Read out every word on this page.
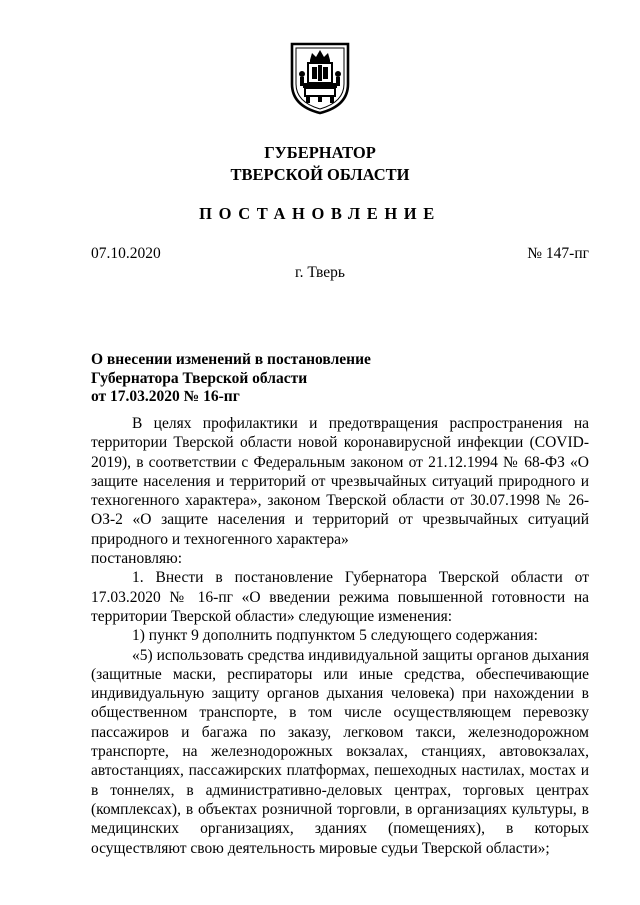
ГУБЕРНАТОР
ТВЕРСКОЙ ОБЛАСТИ
ПОСТАНОВЛЕНИЕ
07.10.2020	№ 147-пг
г. Тверь
О внесении изменений в постановление
Губернатора Тверской области
от 17.03.2020 № 16-пг

В целях профилактики и предотвращения распространения на территории Тверской области новой коронавирусной инфекции (COVID-2019), в соответствии с Федеральным законом от 21.12.1994 № 68-ФЗ «О защите населения и территорий от чрезвычайных ситуаций природного и техногенного характера», законом Тверской области от 30.07.1998 № 26-ОЗ-2 «О защите населения и территорий от чрезвычайных ситуаций природного и техногенного характера»

постановляю:

1. Внести в постановление Губернатора Тверской области от 17.03.2020 № 16-пг «О введении режима повышенной готовности на территории Тверской области» следующие изменения:

1) пункт 9 дополнить подпунктом 5 следующего содержания:

«5) использовать средства индивидуальной защиты органов дыхания (защитные маски, респираторы или иные средства, обеспечивающие индивидуальную защиту органов дыхания человека) при нахождении в общественном транспорте, в том числе осуществляющем перевозку пассажиров и багажа по заказу, легковом такси, железнодорожном транспорте, на железнодорожных вокзалах, станциях, автовокзалах, автостанциях, пассажирских платформах, пешеходных настилах, мостах и в тоннелях, в административно-деловых центрах, торговых центрах (комплексах), в объектах розничной торговли, в организациях культуры, в медицинских организациях, зданиях (помещениях), в которых осуществляют свою деятельность мировые судьи Тверской области»;
